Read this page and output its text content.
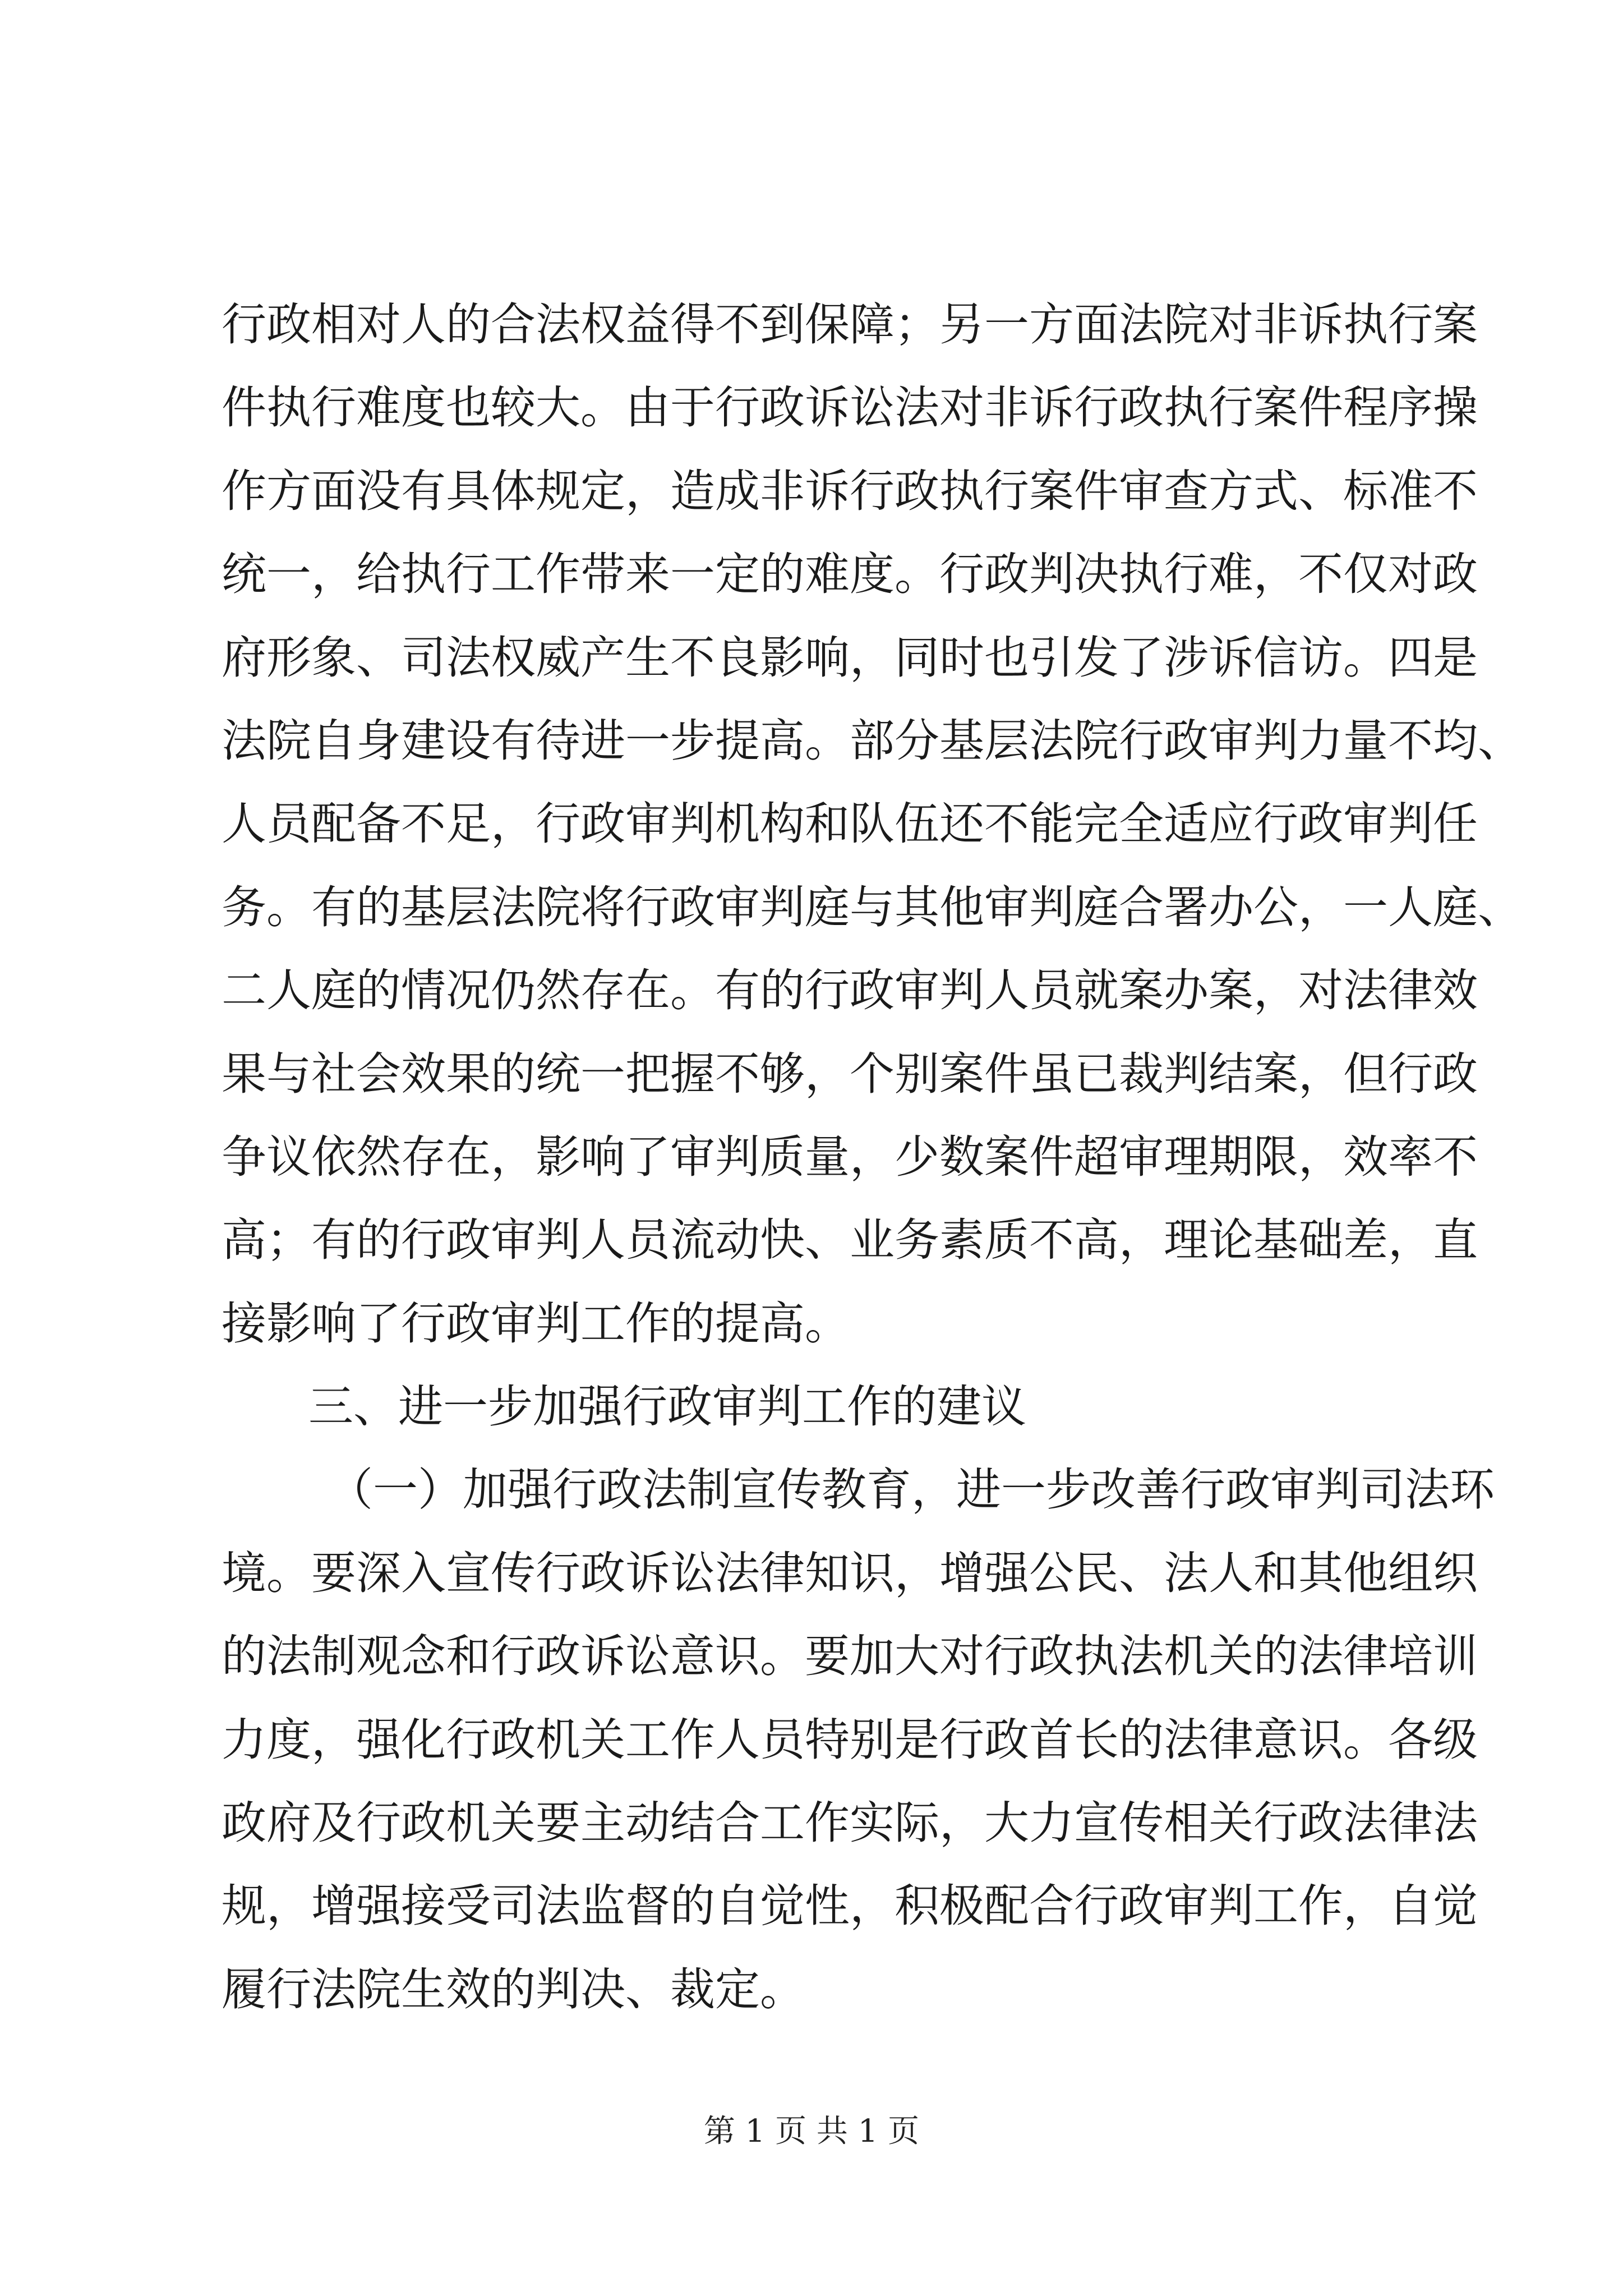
行政相对人的合法权益得不到保障；另一方面法院对非诉执行案
件执行难度也较大。由于行政诉讼法对非诉行政执行案件程序操
作方面没有具体规定，造成非诉行政执行案件审查方式、标准不
统一，给执行工作带来一定的难度。行政判决执行难，不仅对政
府形象、司法权威产生不良影响，同时也引发了涉诉信访。四是
法院自身建设有待进一步提高。部分基层法院行政审判力量不均、
人员配备不足，行政审判机构和队伍还不能完全适应行政审判任
务。有的基层法院将行政审判庭与其他审判庭合署办公，一人庭、
二人庭的情况仍然存在。有的行政审判人员就案办案，对法律效
果与社会效果的统一把握不够，个别案件虽已裁判结案，但行政
争议依然存在，影响了审判质量，少数案件超审理期限，效率不
高；有的行政审判人员流动快、业务素质不高，理论基础差，直
接影响了行政审判工作的提高。
三、进一步加强行政审判工作的建议
（一）加强行政法制宣传教育，进一步改善行政审判司法环
境。要深入宣传行政诉讼法律知识，增强公民、法人和其他组织
的法制观念和行政诉讼意识。要加大对行政执法机关的法律培训
力度，强化行政机关工作人员特别是行政首长的法律意识。各级
政府及行政机关要主动结合工作实际，大力宣传相关行政法律法
规，增强接受司法监督的自觉性，积极配合行政审判工作，自觉
履行法院生效的判决、裁定。
第 1 页 共 1 页
